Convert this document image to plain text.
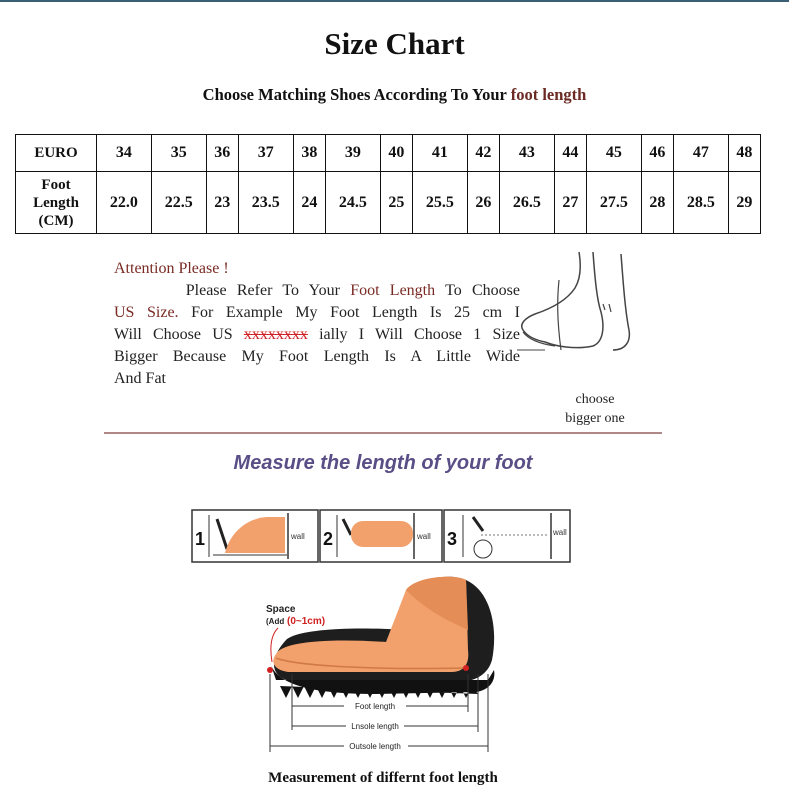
Size Chart
Choose Matching Shoes According To Your foot length
EURO	34	35	36	37	38	39	40	41	42	43	44	45	46	47	48
Foot
Length
(CM)	22.0	22.5	23	23.5	24	24.5	25	25.5	26	26.5	27	27.5	28	28.5	29
Attention Please !
Please Refer To Your Foot Length To Choose
US Size. For Example My Foot Length Is 25 cm I
Will Choose US xxxxxxxx ially I Will Choose 1 Size
Bigger Because My Foot Length Is A Little Wide
And Fat
choose
bigger one
Measure the length of your foot
1	wall 2	wall 3	wall
Space
(Add (0~1cm)
Foot length
Lnsole length
Outsole length
Measurement of differnt foot length
